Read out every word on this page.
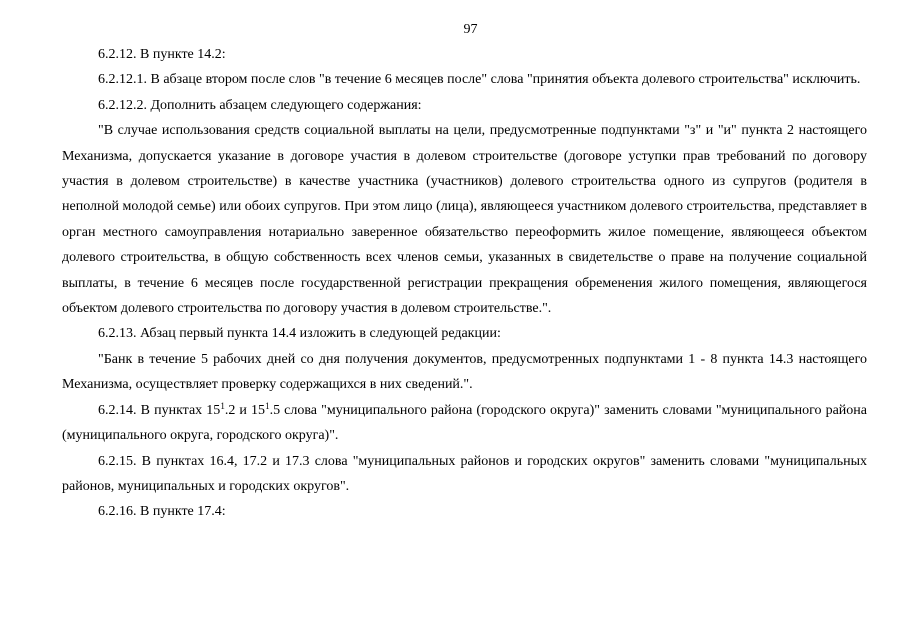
97

6.2.12. В пункте 14.2:

6.2.12.1. В абзаце втором после слов "в течение 6 месяцев после" слова "принятия объекта долевого строительства" исключить.

6.2.12.2. Дополнить абзацем следующего содержания:

"В случае использования средств социальной выплаты на цели, предусмотренные подпунктами "з" и "и" пункта 2 настоящего Механизма, допускается указание в договоре участия в долевом строительстве (договоре уступки прав требований по договору участия в долевом строительстве) в качестве участника (участников) долевого строительства одного из супругов (родителя в неполной молодой семье) или обоих супругов. При этом лицо (лица), являющееся участником долевого строительства, представляет в орган местного самоуправления нотариально заверенное обязательство переоформить жилое помещение, являющееся объектом долевого строительства, в общую собственность всех членов семьи, указанных в свидетельстве о праве на получение социальной выплаты, в течение 6 месяцев после государственной регистрации прекращения обременения жилого помещения, являющегося объектом долевого строительства по договору участия в долевом строительстве.".

6.2.13. Абзац первый пункта 14.4 изложить в следующей редакции:

"Банк в течение 5 рабочих дней со дня получения документов, предусмотренных подпунктами 1 - 8 пункта 14.3 настоящего Механизма, осуществляет проверку содержащихся в них сведений.".

6.2.14. В пунктах $15^1.2$ и $15^1.5$ слова "муниципального района (городского округа)" заменить словами "муниципального района (муниципального округа, городского округа)".

6.2.15. В пунктах 16.4, 17.2 и 17.3 слова "муниципальных районов и городских округов" заменить словами "муниципальных районов, муниципальных и городских округов".

6.2.16. В пункте 17.4:
